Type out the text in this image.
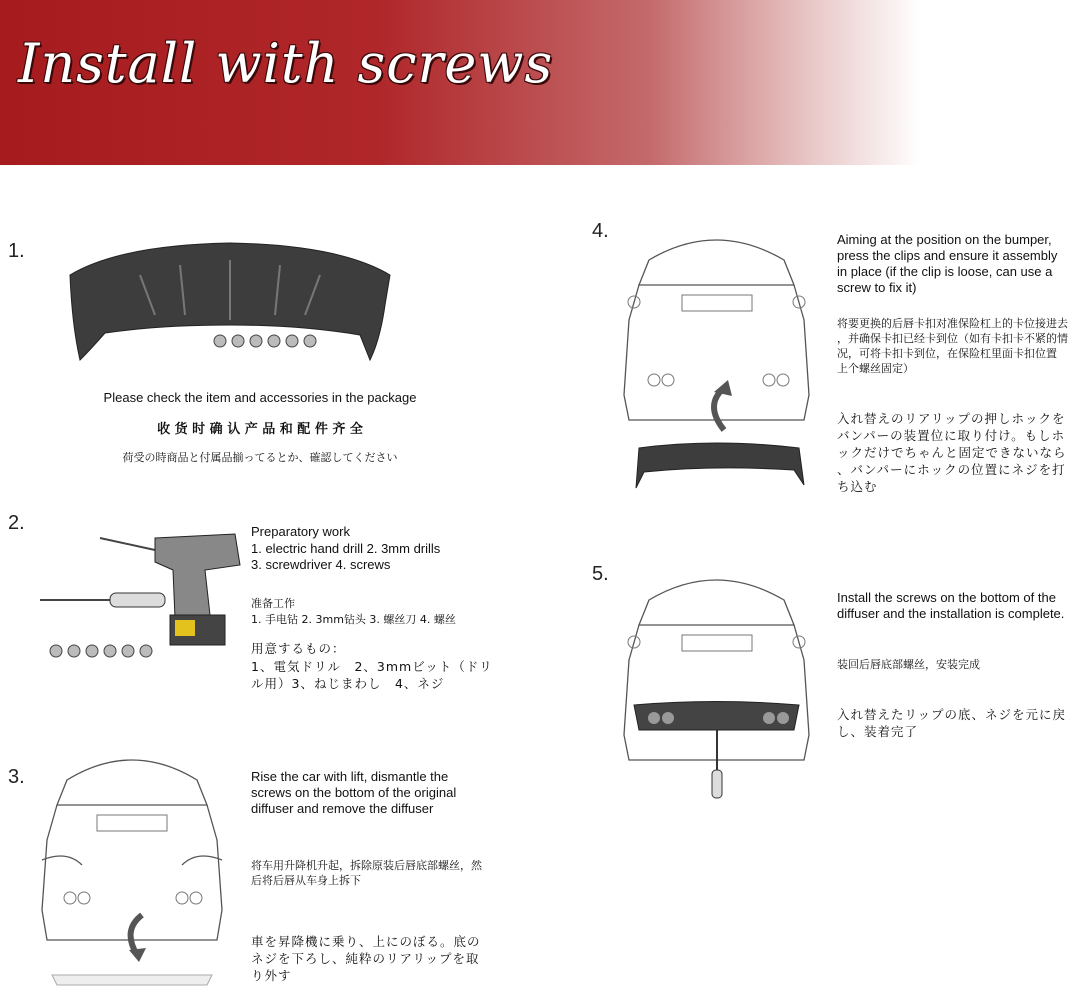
Install with screws
1.
Please check the item and accessories in the package
收 货 时 确 认 产 品 和 配 件 齐 全
荷受の時商品と付属品揃ってるとか、確認してください
2.	Preparatory work
1. electric hand drill 2. 3mm drills
3. screwdriver 4. screws
准备工作
1. 手电钻 2. 3mm钻头 3. 螺丝刀 4. 螺丝
用意するもの：
1、電気ドリル　2、3mmビット（ドリ
ル用）3、ねじまわし　4、ネジ
3.	Rise the car with lift, dismantle the
screws on the bottom of the original
diffuser and remove the diffuser
将车用升降机升起，拆除原装后唇底部螺丝，然
后将后唇从车身上拆下
車を昇降機に乗り、上にのぼる。底の
ネジを下ろし、純粋のリアリップを取
り外す
4.	Aiming at the position on the bumper,
press the clips and ensure it assembly
in place (if the clip is loose, can use a
screw to fix it)
将要更换的后唇卡扣对准保险杠上的卡位接进去
，并确保卡扣已经卡到位（如有卡扣卡不紧的情
况，可将卡扣卡到位，在保险杠里面卡扣位置
上个螺丝固定）
入れ替えのリアリップの押しホックを
バンパーの装置位に取り付け。もしホ
ックだけでちゃんと固定できないなら
、バンパーにホックの位置にネジを打
ち込む
5.
Install the screws on the bottom of the
diffuser and the installation is complete.
装回后唇底部螺丝，安装完成
入れ替えたリップの底、ネジを元に戻
し、装着完了
